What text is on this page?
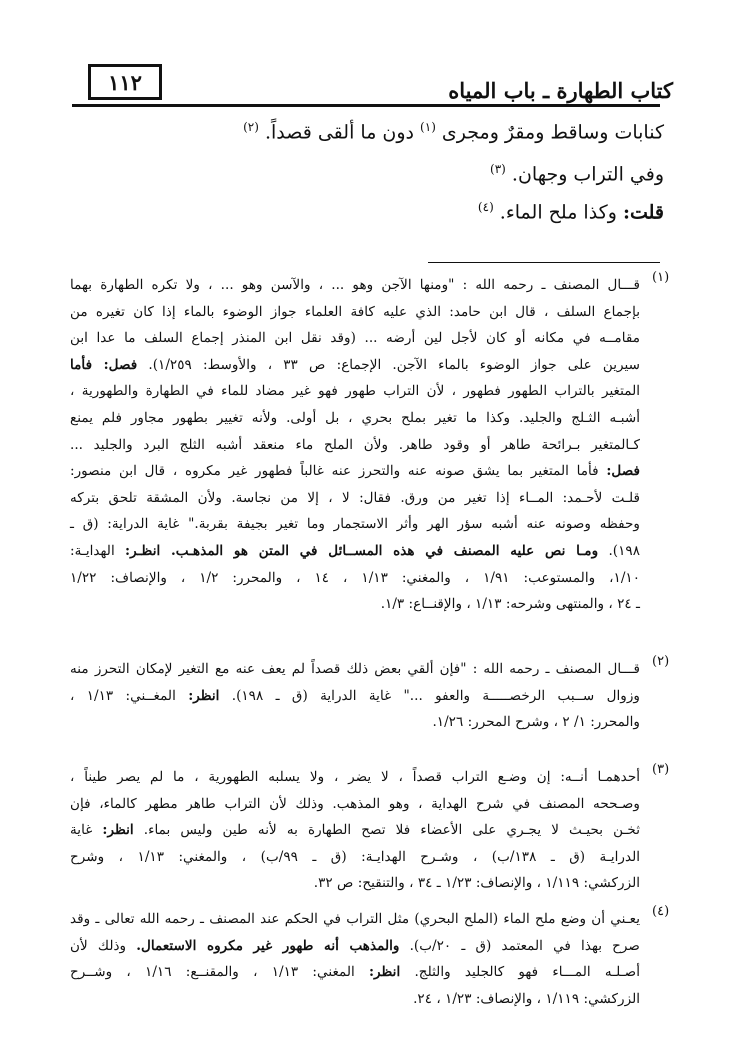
١١٢	كتاب الطهارة ـ باب المياه
كنابات وساقط ومقرٌ ومجرى $^{(١)}$ دون ما ألقى قصداً. $^{(٢)}$
وفي التراب وجهان. $^{(٣)}$
قلت: وكذا ملح الماء. $^{(٤)}$
(١)
قـــال المصنف ـ رحمه الله : "ومنها الآجن وهو ... ، والآسن وهو ... ، ولا تكره الطهارة بهما
بإجماع السلف ، قال ابن حامد: الذي عليه كافة العلماء جواز الوضوء بالماء إذا كان تغيره من
مقامــه في مكانه أو كان لأجل لين أرضه ... (وقد نقل ابن المنذر إجماع السلف ما عدا ابن
سيرين على جواز الوضوء بالماء الآجن. الإجماع: ص ٣٣ ، والأوسط: ١/٢٥٩). فصل: فأما
المتغير بالتراب الطهور فطهور ، لأن التراب طهور فهو غير مضاد للماء في الطهارة والطهورية ،
أشبـه الثـلج والجليد. وكذا ما تغير بملح بحري ، بل أولى. ولأنه تغيير بطهور مجاور فلم يمنع
كـالمتغير بـرائحة طاهر أو وقود طاهر. ولأن الملح ماء منعقد أشبه الثلج البرد والجليد ...
فصل: فأما المتغير بما يشق صونه عنه والتحرز عنه غالباً فطهور غير مكروه ، قال ابن منصور:
قلـت لأحـمد: المــاء إذا تغير من ورق. فقال: لا ، إلا من نجاسة. ولأن المشقة تلحق بتركه
وحفظه وصونه عنه أشبه سؤر الهر وأثر الاستجمار وما تغير بجيفة بقربة." غاية الدراية: (ق ـ
١٩٨). ومـا نص عليه المصنف في هذه المســائل في المتن هو المذهـب. انظـر: الهدايـة:
١/١٠، والمستوعب: ١/٩١ ، والمغني: ١/١٣ ، ١٤ ، والمحرر: ١/٢ ، والإنصاف: ١/٢٢
ـ ٢٤ ، والمنتهى وشرحه: ١/١٣ ، والإقنــاع: ١/٣.
(٢)
قـــال المصنف ـ رحمه الله : "فإن ألقي بعض ذلك قصداً لم يعف عنه مع التغير لإمكان التحرز منه
وزوال ســبب الرخصـــــة والعفو ..." غاية الدراية (ق ـ ١٩٨). انظر: المغــني: ١/١٣ ،
والمحرر: ١/ ٢ ، وشرح المحرر: ١/٢٦.
(٣)
أحدهمـا أنــه: إن وضـع التراب قصداً ، لا يضر ، ولا يسلبه الطهورية ، ما لم يصر طيناً ،
وصـححه المصنف في شرح الهداية ، وهو المذهب. وذلك لأن التراب طاهر مطهر كالماء، فإن
ثخـن بحيـث لا يجـري على الأعضاء فلا تصح الطهارة به لأنه طين وليس بماء. انظر: غاية
الدرايـة (ق ـ ١٣٨/ب) ، وشـرح الهدايـة: (ق ـ ٩٩/ب) ، والمغني: ١/١٣ ، وشرح
الزركشي: ١/١١٩ ، والإنصاف: ١/٢٣ ـ ٣٤ ، والتنقيح: ص ٣٢.
(٤)
يعـني أن وضع ملح الماء (الملح البحري) مثل التراب في الحكم عند المصنف ـ رحمه الله تعالى ـ وقد
صرح بهذا في المعتمد (ق ـ ٢٠/ب). والمذهب أنه طهور غير مكروه الاستعمال. وذلك لأن
أصـلـه المـــاء فهو كالجليد والثلج. انظر: المغني: ١/١٣ ، والمقنــع: ١/١٦ ، وشــرح
الزركشي: ١/١١٩ ، والإنصاف: ١/٢٣ ، ٢٤.
